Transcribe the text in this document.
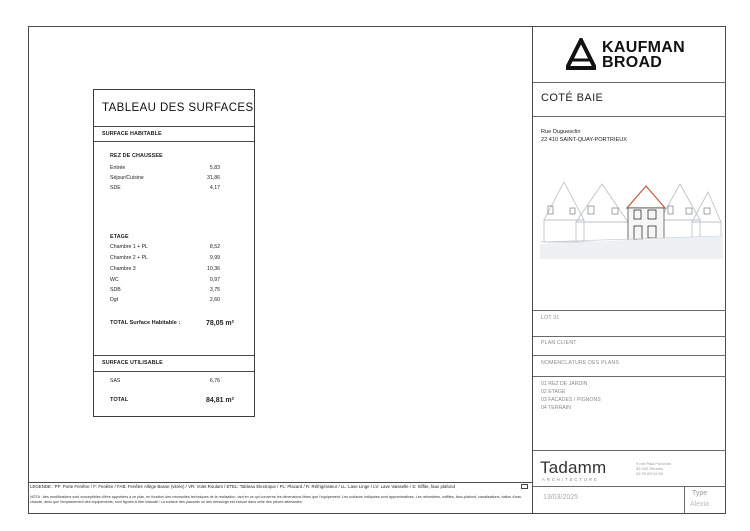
TABLEAU DES SURFACES
SURFACE HABITABLE
REZ DE CHAUSSEE
Entrée	5,83
Séjour/Cuisine	31,86
SDE	4,17
ETAGE
Chambre 1 + PL	8,52
Chambre 2 + PL	9,99
Chambre 3	10,36
WC	0,97
SDB	3,75
Dgt	2,60
TOTAL Surface Habitable :	78,05 m²
SURFACE UTILISABLE
SAS	6,76
TOTAL	84,81 m²
KAUFMAN
BROAD
COTÉ BAIE
Rue Duguesclin
22 410 SAINT-QUAY-PORTRIEUX
LOT 31
PLAN CLIENT
NOMENCLATURE DES PLANS
01 REZ DE JARDIN
02 ETAGE
03 FACADES / PIGNONS
04 TERRAIN
Tadamm
ARCHITECTURE
9 rue Paul Ponchon
35 000 Rennes
02 99 63 04 06
13/03/2025
Type
Alexia
LEGENDE : PF: Porte Fenêtre / F: Fenêtre / FAB: Fenêtre Allège Basse (vitrée) / VR: Volet Roulant / ETEL: Tableau Electrique / PL: Placard / R: Réfrigérateur / LL: Lave Linge / LV: Lave Vaisselle / S: Siffite, faux plafond
NOTA : des modifications sont susceptibles d'être apportées à ce plan, en fonction des nécessités techniques de la réalisation, tant en ce qui concerne les dimensions libres que l'équipement. Les surfaces indiquées sont approximatives. Les retombées, soffites, faux-plafond, canalisations, ballon d'eau chaude, ainsi que l'emplacement des équipements, sont figurés à titre indicatif / La surface des placards ou des dressings est incluse dans celle des pièces attenantes
